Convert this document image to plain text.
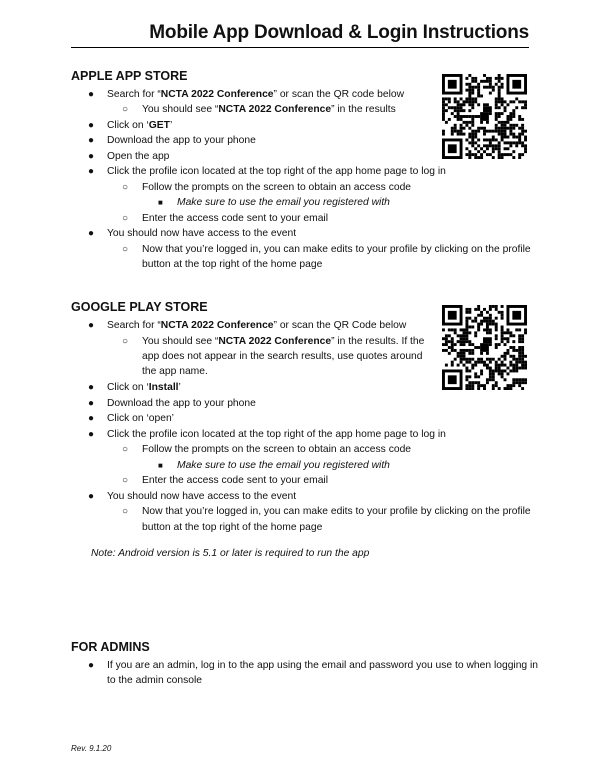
Mobile App Download & Login Instructions
APPLE APP STORE
● Search for “NCTA 2022 Conference” or scan the QR code below
○ You should see “NCTA 2022 Conference” in the results
● Click on ‘GET’
● Download the app to your phone
● Open the app
● Click the profile icon located at the top right of the app home page to log in
○ Follow the prompts on the screen to obtain an access code
■ Make sure to use the email you registered with
○ Enter the access code sent to your email
● You should now have access to the event
○ Now that you’re logged in, you can make edits to your profile by clicking on the profile
button at the top right of the home page
GOOGLE PLAY STORE
● Search for “NCTA 2022 Conference” or scan the QR Code below
○ You should see “NCTA 2022 Conference” in the results. If the
app does not appear in the search results, use quotes around
the app name.
● Click on ‘Install’
● Download the app to your phone
● Click on ‘open’
● Click the profile icon located at the top right of the app home page to log in
○ Follow the prompts on the screen to obtain an access code
■ Make sure to use the email you registered with
○ Enter the access code sent to your email
● You should now have access to the event
○ Now that you’re logged in, you can make edits to your profile by clicking on the profile
button at the top right of the home page
Note: Android version is 5.1 or later is required to run the app
FOR ADMINS
● If you are an admin, log in to the app using the email and password you use to when logging in
to the admin console
Rev. 9.1.20
